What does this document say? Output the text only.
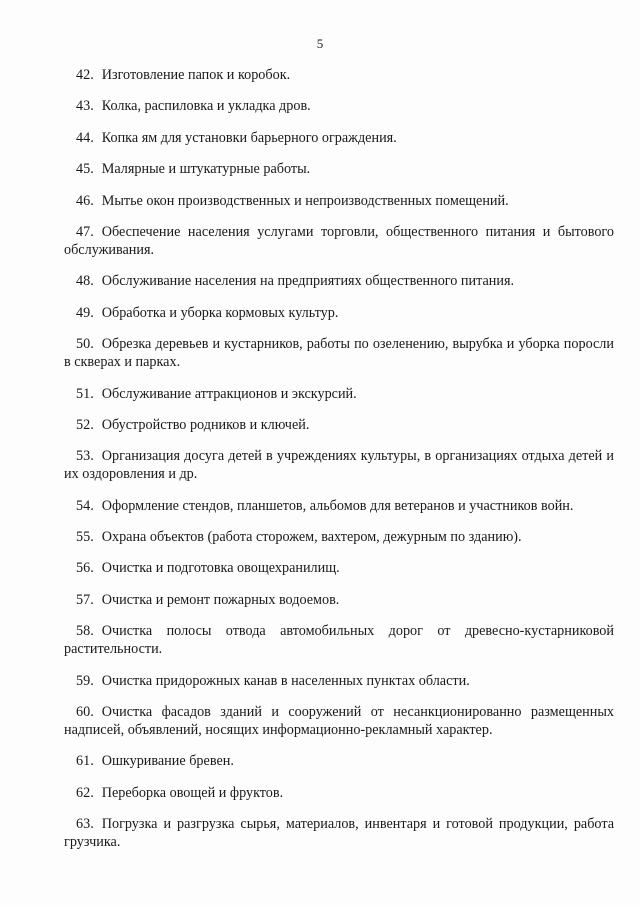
5
42. Изготовление папок и коробок.
43. Колка, распиловка и укладка дров.
44. Копка ям для установки барьерного ограждения.
45. Малярные и штукатурные работы.
46. Мытье окон производственных и непроизводственных помещений.
47. Обеспечение населения услугами торговли, общественного питания и бытового обслуживания.
48. Обслуживание населения на предприятиях общественного питания.
49. Обработка и уборка кормовых культур.
50. Обрезка деревьев и кустарников, работы по озеленению, вырубка и уборка поросли в скверах и парках.
51. Обслуживание аттракционов и экскурсий.
52. Обустройство родников и ключей.
53. Организация досуга детей в учреждениях культуры, в организациях отдыха детей и их оздоровления и др.
54. Оформление стендов, планшетов, альбомов для ветеранов и участников войн.
55. Охрана объектов (работа сторожем, вахтером, дежурным по зданию).
56. Очистка и подготовка овощехранилищ.
57. Очистка и ремонт пожарных водоемов.
58. Очистка полосы отвода автомобильных дорог от древесно-кустарниковой растительности.
59. Очистка придорожных канав в населенных пунктах области.
60. Очистка фасадов зданий и сооружений от несанкционированно размещенных надписей, объявлений, носящих информационно-рекламный характер.
61. Ошкуривание бревен.
62. Переборка овощей и фруктов.
63. Погрузка и разгрузка сырья, материалов, инвентаря и готовой продукции, работа грузчика.
